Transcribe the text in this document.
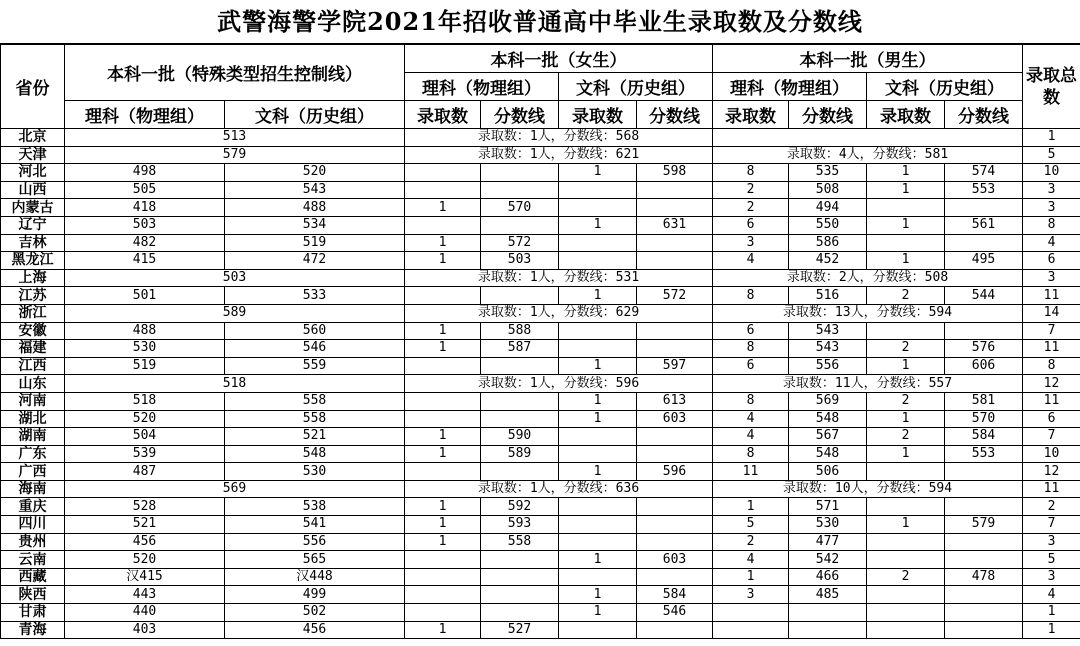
武警海警学院2021年招收普通高中毕业生录取数及分数线
省份	本科一批（特殊类型招生控制线）		本科一批（女生）				本科一批（男生）				录取总数
			理科（物理组）		文科（历史组）		理科（物理组）		文科（历史组）		
	理科（物理组）	文科（历史组）	录取数	分数线	录取数	分数线	录取数	分数线	录取数	分数线	
北京	513		录取数：1人，分数线：568								1
天津	579		录取数：1人，分数线：621				录取数：4人，分数线：581				5
河北	498	520			1	598	8	535	1	574	10
山西	505	543					2	508	1	553	3
内蒙古	418	488	1	570			2	494			3
辽宁	503	534			1	631	6	550	1	561	8
吉林	482	519	1	572			3	586			4
黑龙江	415	472	1	503			4	452	1	495	6
上海	503		录取数：1人，分数线：531				录取数：2人，分数线：508				3
江苏	501	533			1	572	8	516	2	544	11
浙江	589		录取数：1人，分数线：629				录取数：13人，分数线：594				14
安徽	488	560	1	588			6	543			7
福建	530	546	1	587			8	543	2	576	11
江西	519	559			1	597	6	556	1	606	8
山东	518		录取数：1人，分数线：596				录取数：11人，分数线：557				12
河南	518	558			1	613	8	569	2	581	11
湖北	520	558			1	603	4	548	1	570	6
湖南	504	521	1	590			4	567	2	584	7
广东	539	548	1	589			8	548	1	553	10
广西	487	530			1	596	11	506			12
海南	569		录取数：1人，分数线：636				录取数：10人，分数线：594				11
重庆	528	538	1	592			1	571			2
四川	521	541	1	593			5	530	1	579	7
贵州	456	556	1	558			2	477			3
云南	520	565			1	603	4	542			5
西藏	汉415	汉448					1	466	2	478	3
陕西	443	499			1	584	3	485			4
甘肃	440	502			1	546					1
青海	403	456	1	527							1
